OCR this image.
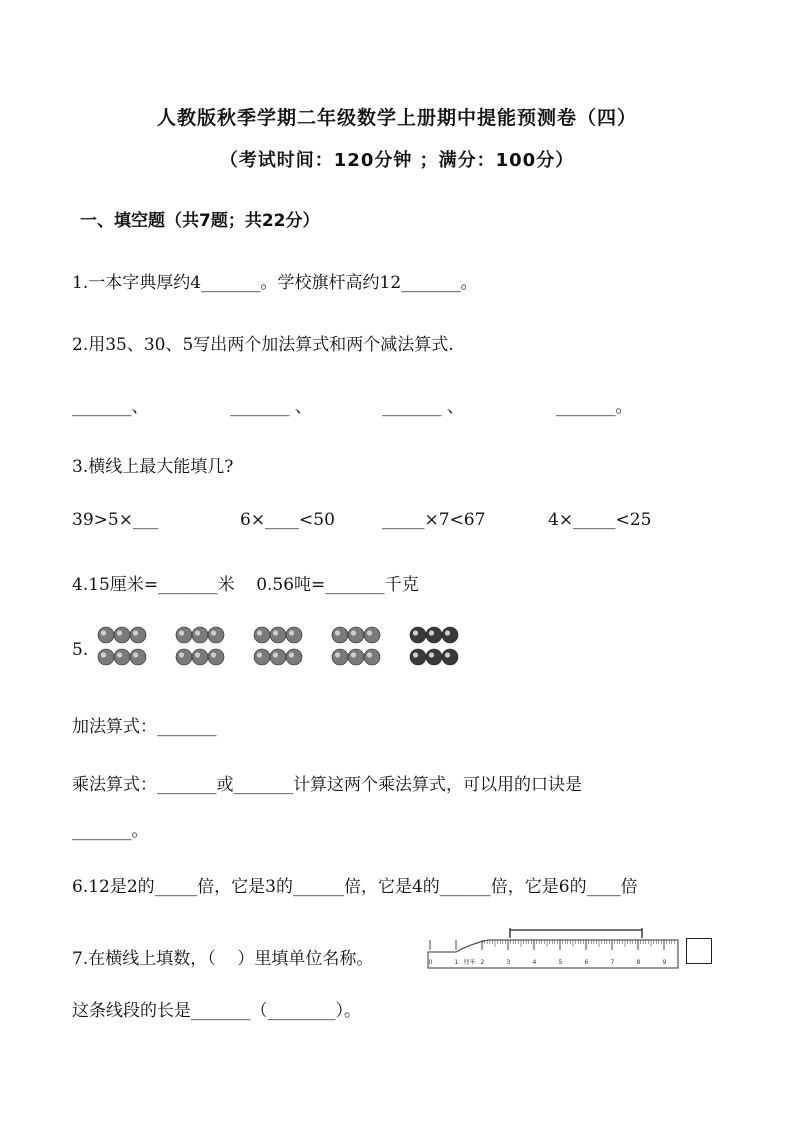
人教版秋季学期二年级数学上册期中提能预测卷（四）
（考试时间：120分钟 ；满分：100分）
一、填空题（共7题；共22分）
1.一本字典厚约4_______。学校旗杆高约12_______。
2.用35、30、5写出两个加法算式和两个减法算式.
_______、	_______ 、	_______ 、	_______。
3.横线上最大能填几?
39>5×___	6×____<50	_____×7<67	4×_____<25
4.15厘米=_______米    0.56吨=_______千克
5.
加法算式：_______
乘法算式：_______或_______计算这两个乘法算式，可以用的口诀是
_______。
6.12是2的_____倍，它是3的______倍，它是4的______倍，它是6的____倍
7.在横线上填数，（    ）里填单位名称。	0	1	2	3	4	5	6	7	8	9
厘米
这条线段的长是_______（________）。
